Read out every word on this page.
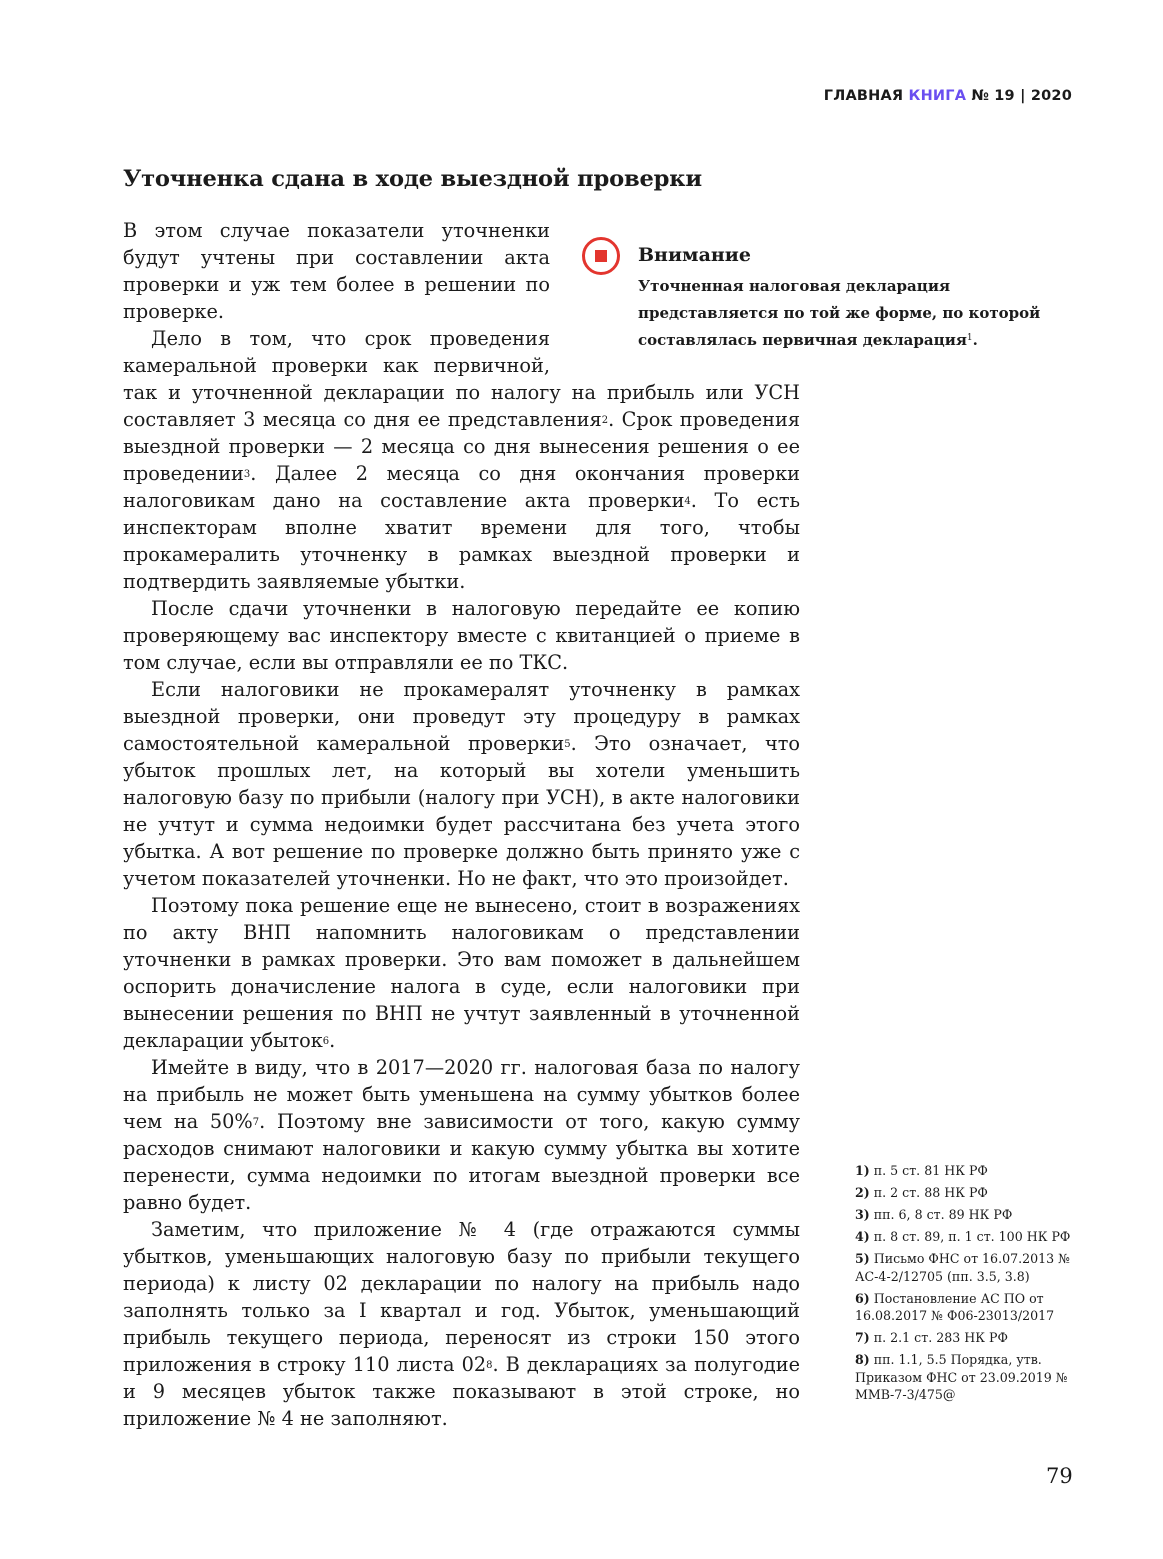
ГЛАВНАЯ КНИГА № 19 | 2020
Уточненка сдана в ходе выездной проверки
Внимание
Уточненная налоговая декларация представляется по той же форме, по которой составлялась первичная декларация$^1$.

В этом случае показатели уточненки будут учтены при составлении акта проверки и уж тем более в решении по проверке.

Дело в том, что срок проведения камеральной проверки как первичной, так и уточненной декларации по налогу на прибыль или УСН составляет 3 месяца со дня ее представления$^2$. Срок проведения выездной проверки — 2 месяца со дня вынесения решения о ее проведении$^3$. Далее 2 месяца со дня окончания проверки налоговикам дано на составление акта проверки$^4$. То есть инспекторам вполне хватит времени для того, чтобы прокамералить уточненку в рамках выездной проверки и подтвердить заявляемые убытки.

После сдачи уточненки в налоговую передайте ее копию проверяющему вас инспектору вместе с квитанцией о приеме в том случае, если вы отправляли ее по ТКС.

Если налоговики не прокамералят уточненку в рамках выездной проверки, они проведут эту процедуру в рамках самостоятельной камеральной проверки$^5$. Это означает, что убыток прошлых лет, на который вы хотели уменьшить налоговую базу по прибыли (налогу при УСН), в акте налоговики не учтут и сумма недоимки будет рассчитана без учета этого убытка. А вот решение по проверке должно быть принято уже с учетом показателей уточненки. Но не факт, что это произойдет.

Поэтому пока решение еще не вынесено, стоит в возражениях по акту ВНП напомнить налоговикам о представлении уточненки в рамках проверки. Это вам поможет в дальнейшем оспорить доначисление налога в суде, если налоговики при вынесении решения по ВНП не учтут заявленный в уточненной декларации убыток$^6$.

Имейте в виду, что в 2017—2020 гг. налоговая база по налогу на прибыль не может быть уменьшена на сумму убытков более чем на 50%$^7$. Поэтому вне зависимости от того, какую сумму расходов снимают налоговики и какую сумму убытка вы хотите перенести, сумма недоимки по итогам выездной проверки все равно будет.

Заметим, что приложение № 4 (где отражаются суммы убытков, уменьшающих налоговую базу по прибыли текущего периода) к листу 02 декларации по налогу на прибыль надо заполнять только за I квартал и год. Убыток, уменьшающий прибыль текущего периода, переносят из строки 150 этого приложения в строку 110 листа $02^8$. В декларациях за полугодие и 9 месяцев убыток также показывают в этой строке, но приложение № 4 не заполняют.

1) п. 5 ст. 81 НК РФ
2) п. 2 ст. 88 НК РФ
3) пп. 6, 8 ст. 89 НК РФ
4) п. 8 ст. 89, п. 1 ст. 100 НК РФ
5) Письмо ФНС от 16.07.2013 № АС-4-2/12705 (пп. 3.5, 3.8)
6) Постановление АС ПО от 16.08.2017 № Ф06-23013/2017
7) п. 2.1 ст. 283 НК РФ
8) пп. 1.1, 5.5 Порядка, утв. Приказом ФНС от 23.09.2019 № ММВ-7-3/475@
79
